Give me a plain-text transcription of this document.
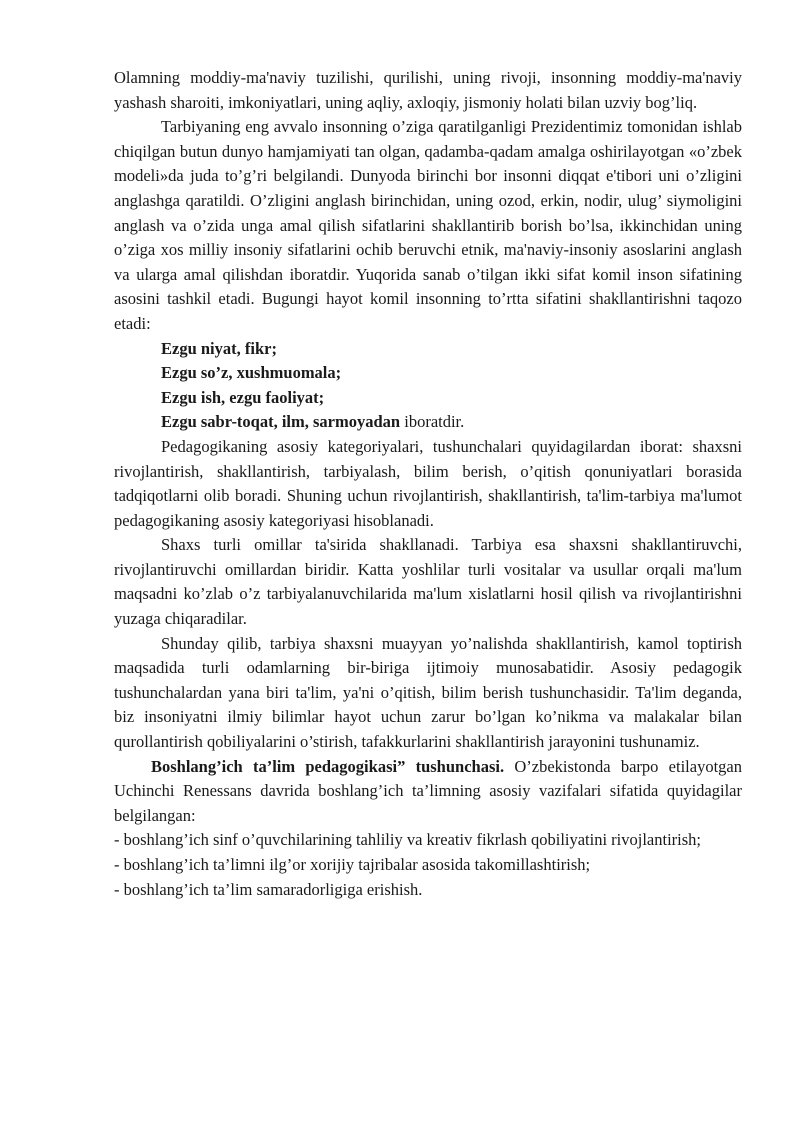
Olamning moddiy-ma'naviy tuzilishi, qurilishi, uning rivoji, insonning moddiy-ma'naviy yashash sharoiti, imkoniyatlari, uning aqliy, axloqiy, jismoniy holati bilan uzviy bog’liq.

Tarbiyaning eng avvalo insonning o’ziga qaratilganligi Prezidentimiz tomonidan ishlab chiqilgan butun dunyo hamjamiyati tan olgan, qadamba-qadam amalga oshirilayotgan «o’zbek modeli»da juda to’g’ri belgilandi. Dunyoda birinchi bor insonni diqqat e'tibori uni o’zligini anglashga qaratildi. O’zligini anglash birinchidan, uning ozod, erkin, nodir, ulug’ siymoligini anglash va o’zida unga amal qilish sifatlarini shakllantirib borish bo’lsa, ikkinchidan uning o’ziga xos milliy insoniy sifatlarini ochib beruvchi etnik, ma'naviy-insoniy asoslarini anglash va ularga amal qilishdan iboratdir. Yuqorida sanab o’tilgan ikki sifat komil inson sifatining asosini tashkil etadi. Bugungi hayot komil insonning to’rtta sifatini shakllantirishni taqozo etadi:

Ezgu niyat, fikr;

Ezgu so’z, xushmuomala;

Ezgu ish, ezgu faoliyat;

Ezgu sabr-toqat, ilm, sarmoyadan iboratdir.

Pedagogikaning asosiy kategoriyalari, tushunchalari quyidagilardan iborat: shaxsni rivojlantirish, shakllantirish, tarbiyalash, bilim berish, o’qitish qonuniyatlari borasida tadqiqotlarni olib boradi. Shuning uchun rivojlantirish, shakllantirish, ta'lim-tarbiya ma'lumot pedagogikaning asosiy kategoriyasi hisoblanadi.

Shaxs turli omillar ta'sirida shakllanadi. Tarbiya esa shaxsni shakllantiruvchi, rivojlantiruvchi omillardan biridir. Katta yoshlilar turli vositalar va usullar orqali ma'lum maqsadni ko’zlab o’z tarbiyalanuvchilarida ma'lum xislatlarni hosil qilish va rivojlantirishni yuzaga chiqaradilar.

Shunday qilib, tarbiya shaxsni muayyan yo’nalishda shakllantirish, kamol toptirish maqsadida turli odamlarning bir-biriga ijtimoiy munosabatidir. Asosiy pedagogik tushunchalardan yana biri ta'lim, ya'ni o’qitish, bilim berish tushunchasidir. Ta'lim deganda, biz insoniyatni ilmiy bilimlar hayot uchun zarur bo’lgan ko’nikma va malakalar bilan qurollantirish qobiliyalarini o’stirish, tafakkurlarini shakllantirish jarayonini tushunamiz.

Boshlang’ich ta’lim pedagogikasi” tushunchasi. O’zbekistonda barpo etilayotgan Uchinchi Renessans davrida boshlang’ich ta’limning asosiy vazifalari sifatida quyidagilar belgilangan:

- boshlang’ich sinf o’quvchilarining tahliliy va kreativ fikrlash qobiliyatini rivojlantirish;

- boshlang’ich ta’limni ilg’or xorijiy tajribalar asosida takomillashtirish;

- boshlang’ich ta’lim samaradorligiga erishish.
